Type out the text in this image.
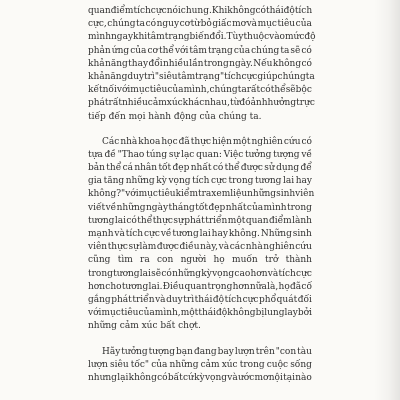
quan điểm tích cực nói chung. Khi không có thái độ tích
cực, chúng ta có nguy cơ từ bỏ giấc mơ và mục tiêu của
mình ngay khi tâm trạng biến đổi. Tùy thuộc vào mức độ
phản ứng của cơ thể với tâm trạng của chúng ta sẽ có
khả năng thay đổi nhiều lần trong ngày. Nếu không có
khả năng duy trì "siêu tâm trạng" tích cực giúp chúng ta
kết nối với mục tiêu của mình, chúng ta rất có thể sẽ bộc
phát rất nhiều cảm xúc khác nhau, từ đó ảnh hưởng trực
tiếp đến mọi hành động của chúng ta.
Các nhà khoa học đã thực hiện một nghiên cứu có
tựa đề "Thao túng sự lạc quan: Việc tưởng tượng về
bản thể cá nhân tốt đẹp nhất có thể được sử dụng để
gia tăng những kỳ vọng tích cực trong tương lai hay
không?" với mục tiêu kiểm tra xem liệu những sinh viên
viết về những ngày tháng tốt đẹp nhất của mình trong
tương lai có thể thực sự phát triển một quan điểm lành
mạnh và tích cực về tương lai hay không. Những sinh
viên thực sự làm được điều này, và các nhà nghiên cứu
cũng tìm ra con người họ muốn trở thành
trong tương lai sẽ có những kỳ vọng cao hơn và tích cực
hơn cho tương lai. Điều quan trọng hơn nữa là, họ đã cố
gắng phát triển và duy trì thái độ tích cực phổ quát đối
với mục tiêu của mình, một thái độ không bị lung lay bởi
những cảm xúc bất chợt.
Hãy tưởng tượng bạn đang bay lượn trên "con tàu
lượn siêu tốc" của những cảm xúc trong cuộc sống
nhưng lại không có bất cứ kỳ vọng và ước mơ nội tại nào
